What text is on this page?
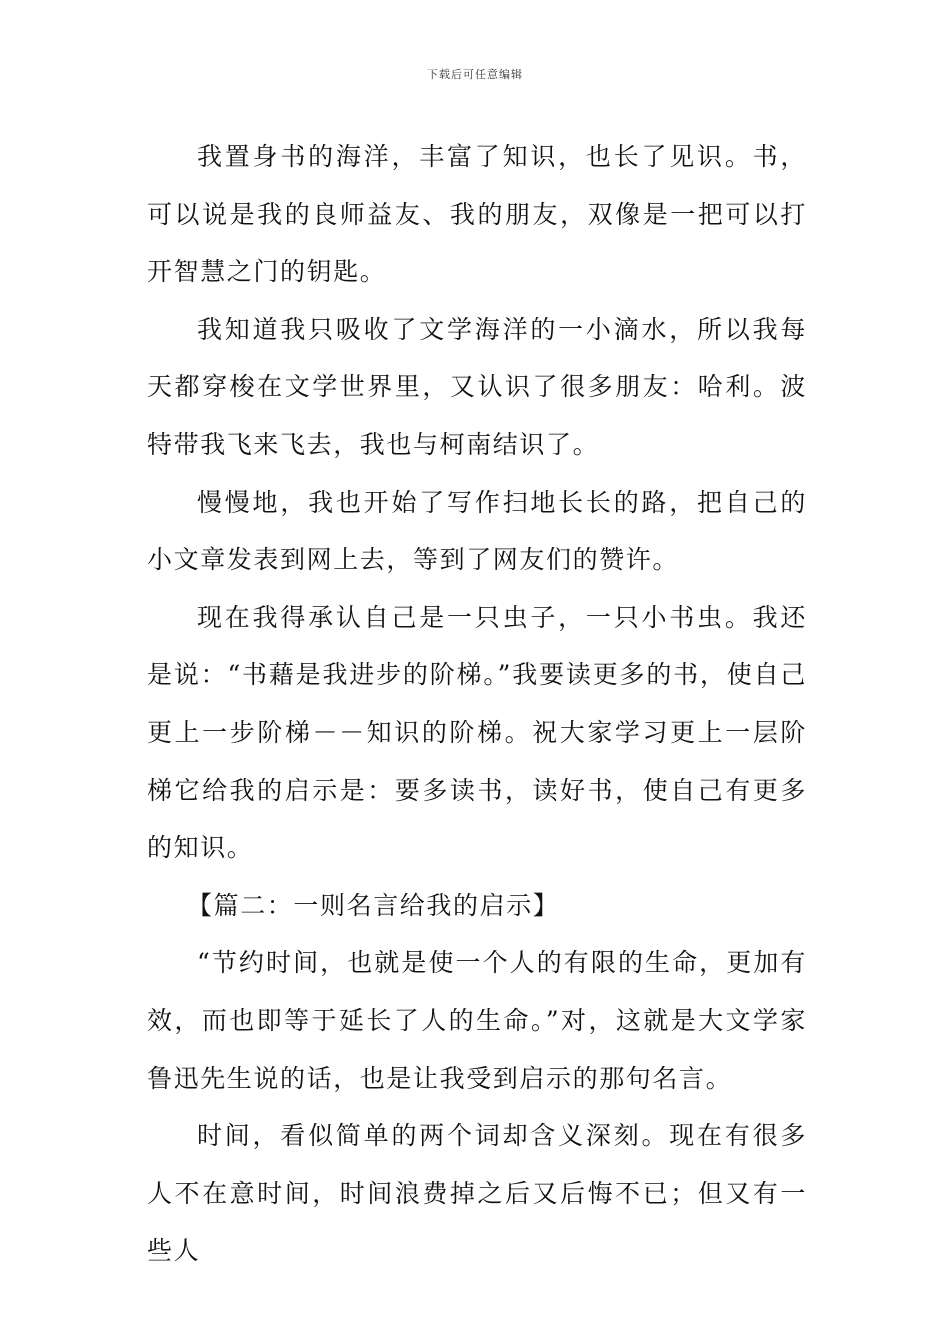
下载后可任意编辑

我置身书的海洋，丰富了知识，也长了见识。书，可以说是我的良师益友、我的朋友，双像是一把可以打开智慧之门的钥匙。

我知道我只吸收了文学海洋的一小滴水，所以我每天都穿梭在文学世界里，又认识了很多朋友：哈利。波特带我飞来飞去，我也与柯南结识了。

慢慢地，我也开始了写作扫地长长的路，把自己的小文章发表到网上去，等到了网友们的赞许。

现在我得承认自己是一只虫子，一只小书虫。我还是说：“书藉是我进步的阶梯。”我要读更多的书，使自己更上一步阶梯－－知识的阶梯。祝大家学习更上一层阶梯它给我的启示是：要多读书，读好书，使自己有更多的知识。

【篇二：一则名言给我的启示】

“节约时间，也就是使一个人的有限的生命，更加有效，而也即等于延长了人的生命。”对，这就是大文学家鲁迅先生说的话，也是让我受到启示的那句名言。

时间，看似简单的两个词却含义深刻。现在有很多人不在意时间，时间浪费掉之后又后悔不已；但又有一些人
